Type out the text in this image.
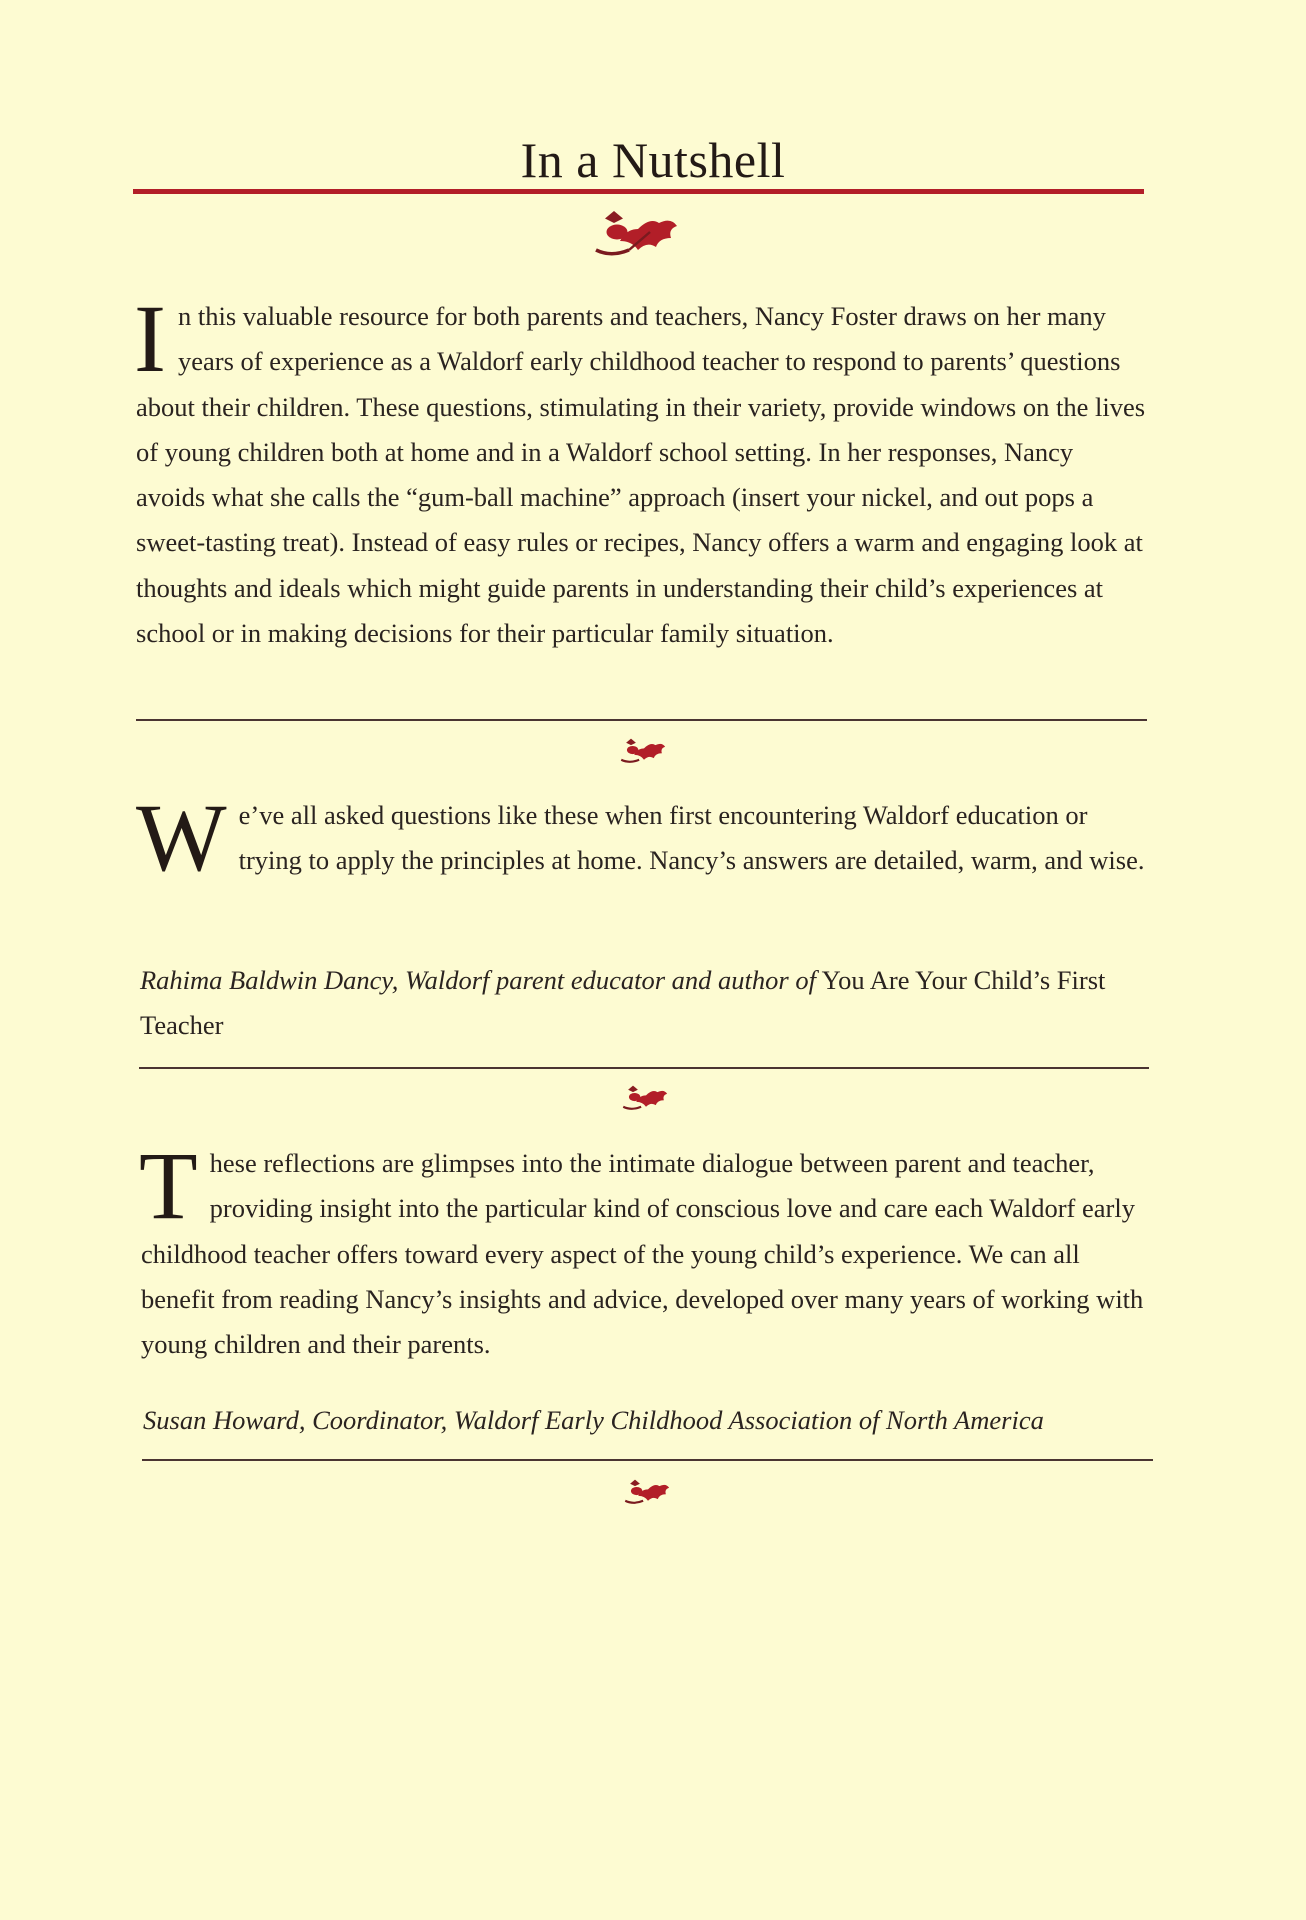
In a Nutshell

In this valuable resource for both parents and teachers, Nancy Foster draws on her many years of experience as a Waldorf early childhood teacher to respond to parents’ questions about their children. These questions, stimulating in their variety, provide windows on the lives of young children both at home and in a Waldorf school setting. In her responses, Nancy avoids what she calls the “gum-ball machine” approach (insert your nickel, and out pops a sweet-tasting treat). Instead of easy rules or recipes, Nancy offers a warm and engaging look at thoughts and ideals which might guide parents in understanding their child’s experiences at school or in making decisions for their particular family situation.

We’ve all asked questions like these when first encountering Waldorf education or trying to apply the principles at home. Nancy’s answers are detailed, warm, and wise.

Rahima Baldwin Dancy, Waldorf parent educator and author of You Are Your Child’s First Teacher

These reflections are glimpses into the intimate dialogue between parent and teacher, providing insight into the particular kind of conscious love and care each Waldorf early childhood teacher offers toward every aspect of the young child’s experience. We can all benefit from reading Nancy’s insights and advice, developed over many years of working with young children and their parents.

Susan Howard, Coordinator, Waldorf Early Childhood Association of North America
